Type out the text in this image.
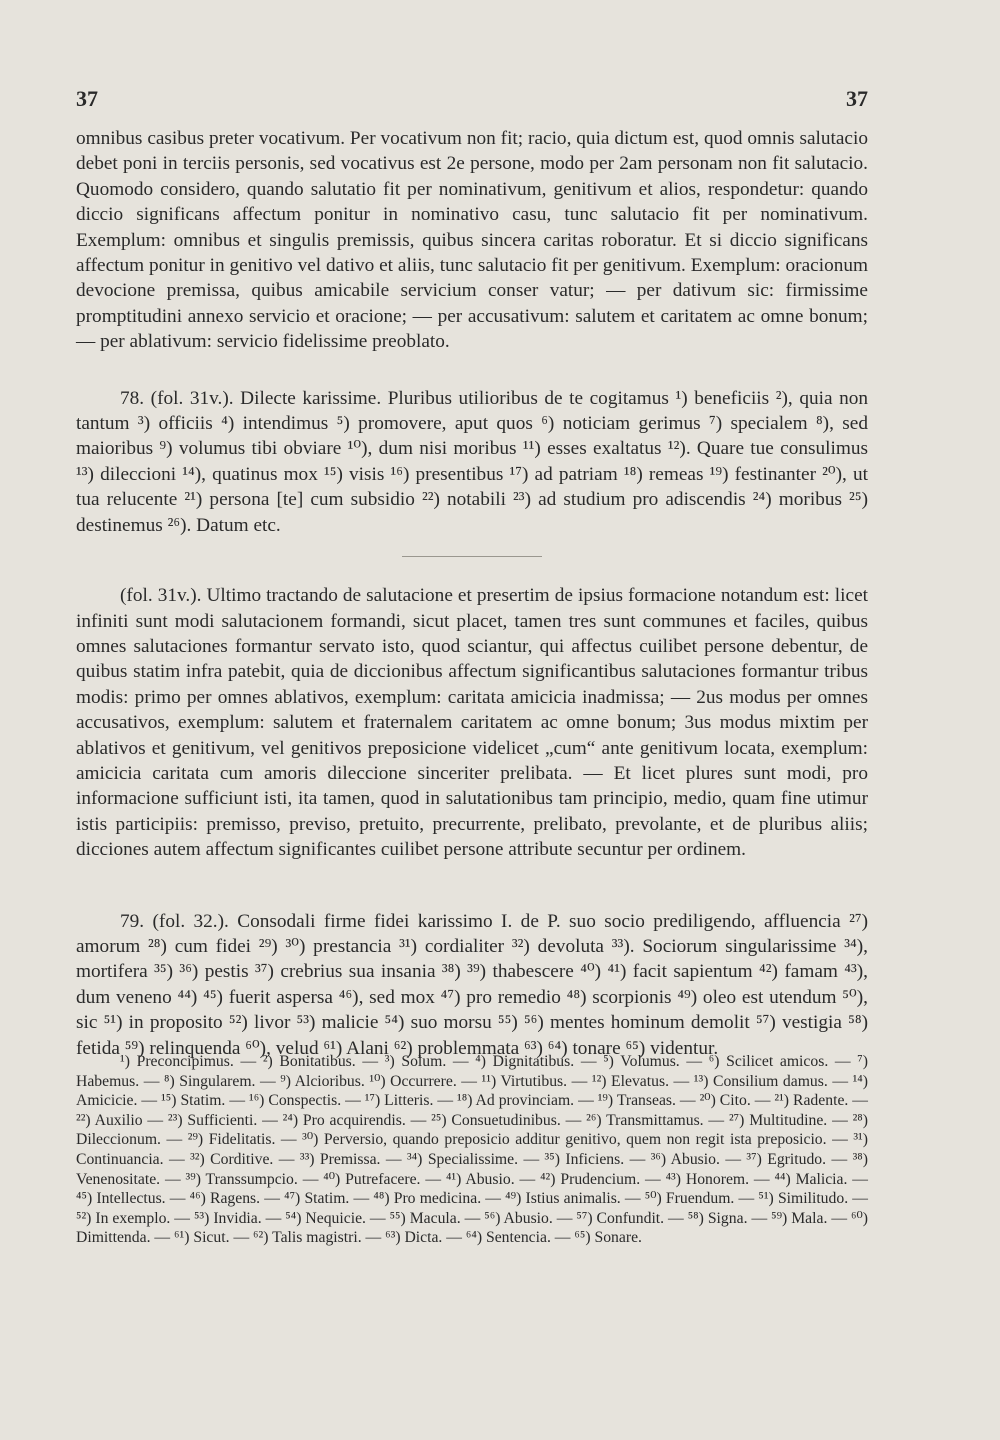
37	37

omnibus casibus preter vocativum. Per vocativum non fit; racio, quia dictum est, quod omnis salutacio debet poni in terciis personis, sed vocativus est 2e persone, modo per 2am personam non fit salutacio. Quomodo considero, quando salutatio fit per nominativum, genitivum et alios, respondetur: quando diccio significans affectum ponitur in nominativo casu, tunc salutacio fit per nominativum. Exemplum: omnibus et singulis premissis, quibus sincera caritas roboratur. Et si diccio significans affectum ponitur in genitivo vel dativo et aliis, tunc salutacio fit per genitivum. Exemplum: oracionum devocione premissa, quibus amicabile servicium conser vatur; — per dativum sic: firmissime promptitudini annexo servicio et oracione; — per accusativum: salutem et caritatem ac omne bonum; — per ablativum: servicio fidelissime preoblato.

78. (fol. 31v.). Dilecte karissime. Pluribus utilioribus de te cogitamus ¹) beneficiis ²), quia non tantum ³) officiis ⁴) intendimus ⁵) promovere, aput quos ⁶) noticiam gerimus ⁷) specialem ⁸), sed maioribus ⁹) volumus tibi obviare ¹⁰), dum nisi moribus ¹¹) esses exaltatus ¹²). Quare tue consulimus ¹³) dileccioni ¹⁴), quatinus mox ¹⁵) visis ¹⁶) presentibus ¹⁷) ad patriam ¹⁸) remeas ¹⁹) festinanter ²⁰), ut tua relucente ²¹) persona [te] cum subsidio ²²) notabili ²³) ad studium pro adiscendis ²⁴) moribus ²⁵) destinemus ²⁶). Datum etc.

(fol. 31v.). Ultimo tractando de salutacione et presertim de ipsius formacione notandum est: licet infiniti sunt modi salutacionem formandi, sicut placet, tamen tres sunt communes et faciles, quibus omnes salutaciones formantur servato isto, quod sciantur, qui affectus cuilibet persone debentur, de quibus statim infra patebit, quia de diccionibus affectum significantibus salutaciones formantur tribus modis: primo per omnes ablativos, exemplum: caritata amicicia inadmissa; — 2us modus per omnes accusativos, exemplum: salutem et fraternalem caritatem ac omne bonum; 3us modus mixtim per ablativos et genitivum, vel genitivos preposicione videlicet „cum“ ante genitivum locata, exemplum: amicicia caritata cum amoris dileccione sinceriter prelibata. — Et licet plures sunt modi, pro informacione sufficiunt isti, ita tamen, quod in salutationibus tam principio, medio, quam fine utimur istis participiis: premisso, previso, pretuito, precurrente, prelibato, prevolante, et de pluribus aliis; dicciones autem affectum significantes cuilibet persone attribute secuntur per ordinem.

79. (fol. 32.). Consodali firme fidei karissimo I. de P. suo socio prediligendo, affluencia ²⁷) amorum ²⁸) cum fidei ²⁹) ³⁰) prestancia ³¹) cordialiter ³²) devoluta ³³). Sociorum singularissime ³⁴), mortifera ³⁵) ³⁶) pestis ³⁷) crebrius sua insania ³⁸) ³⁹) thabescere ⁴⁰) ⁴¹) facit sapientum ⁴²) famam ⁴³), dum veneno ⁴⁴) ⁴⁵) fuerit aspersa ⁴⁶), sed mox ⁴⁷) pro remedio ⁴⁸) scorpionis ⁴⁹) oleo est utendum ⁵⁰), sic ⁵¹) in proposito ⁵²) livor ⁵³) malicie ⁵⁴) suo morsu ⁵⁵) ⁵⁶) mentes hominum demolit ⁵⁷) vestigia ⁵⁸) fetida ⁵⁹) relinquenda ⁶⁰), velud ⁶¹) Alani ⁶²) problemmata ⁶³) ⁶⁴) tonare ⁶⁵) videntur.

¹) Preconcipimus. — ²) Bonitatibus. — ³) Solum. — ⁴) Dignitatibus. — ⁵) Volumus. — ⁶) Scilicet amicos. — ⁷) Habemus. — ⁸) Singularem. — ⁹) Alcioribus. ¹⁰) Occurrere. — ¹¹) Virtutibus. — ¹²) Elevatus. — ¹³) Consilium damus. — ¹⁴) Amicicie. — ¹⁵) Statim. — ¹⁶) Conspectis. — ¹⁷) Litteris. — ¹⁸) Ad provinciam. — ¹⁹) Transeas. — ²⁰) Cito. — ²¹) Radente. — ²²) Auxilio — ²³) Sufficienti. — ²⁴) Pro acquirendis. — ²⁵) Consuetudinibus. — ²⁶) Transmittamus. — ²⁷) Multitudine. — ²⁸) Dileccionum. — ²⁹) Fidelitatis. — ³⁰) Perversio, quando preposicio additur genitivo, quem non regit ista preposicio. — ³¹) Continuancia. — ³²) Corditive. — ³³) Premissa. — ³⁴) Specialissime. — ³⁵) Inficiens. — ³⁶) Abusio. — ³⁷) Egritudo. — ³⁸) Venenositate. — ³⁹) Transsumpcio. — ⁴⁰) Putrefacere. — ⁴¹) Abusio. — ⁴²) Prudencium. — ⁴³) Honorem. — ⁴⁴) Malicia. — ⁴⁵) Intellectus. — ⁴⁶) Ragens. — ⁴⁷) Statim. — ⁴⁸) Pro medicina. — ⁴⁹) Istius animalis. — ⁵⁰) Fruendum. — ⁵¹) Similitudo. — ⁵²) In exemplo. — ⁵³) Invidia. — ⁵⁴) Nequicie. — ⁵⁵) Macula. — ⁵⁶) Abusio. — ⁵⁷) Confundit. — ⁵⁸) Signa. — ⁵⁹) Mala. — ⁶⁰) Dimittenda. — ⁶¹) Sicut. — ⁶²) Talis magistri. — ⁶³) Dicta. — ⁶⁴) Sentencia. — ⁶⁵) Sonare.
